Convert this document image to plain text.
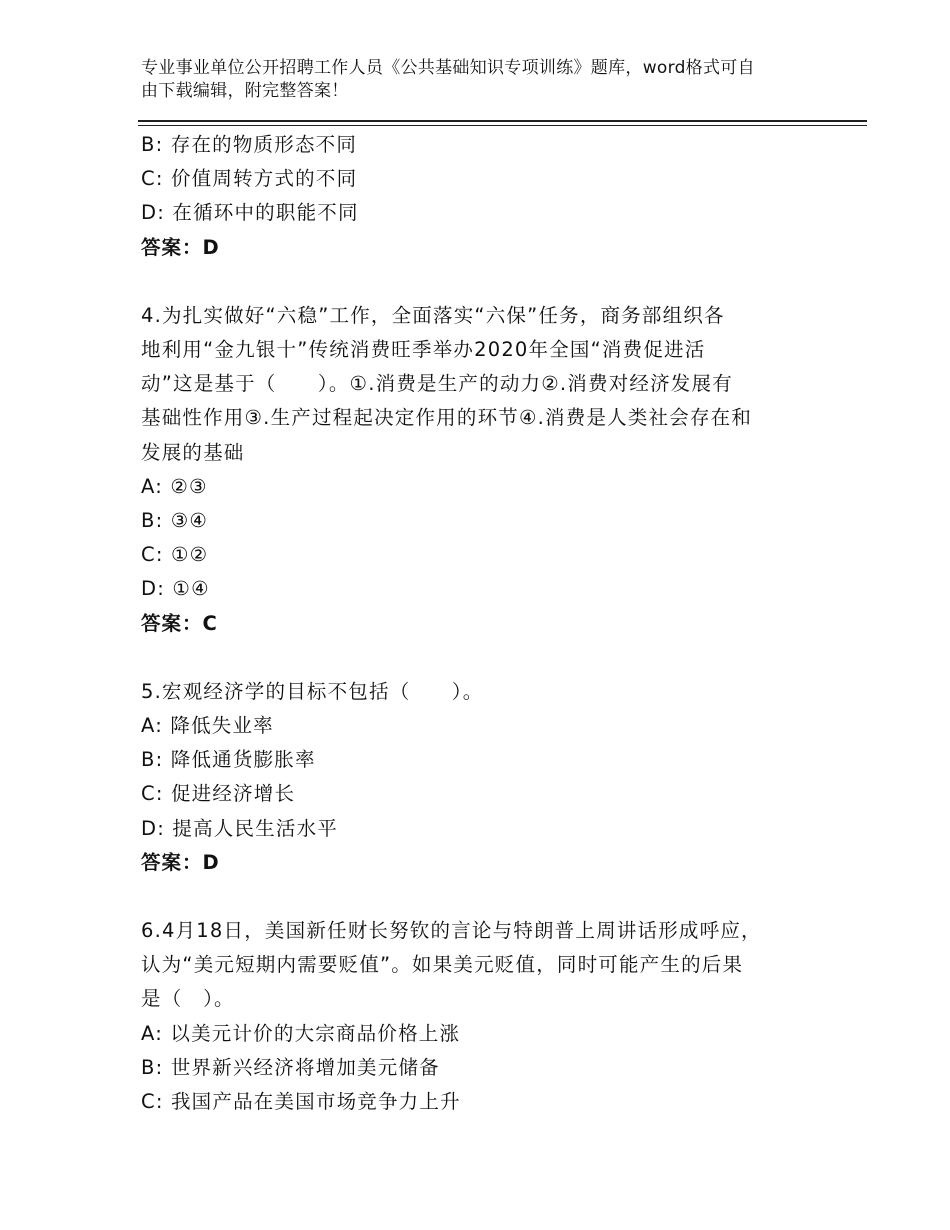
专业事业单位公开招聘工作人员《公共基础知识专项训练》题库，word格式可自
由下载编辑，附完整答案！
B: 存在的物质形态不同
C: 价值周转方式的不同
D: 在循环中的职能不同
答案：D
4.为扎实做好“六稳”工作，全面落实“六保”任务，商务部组织各
地利用“金九银十”传统消费旺季举办2020年全国“消费促进活
动”这是基于（　　）。①.消费是生产的动力②.消费对经济发展有
基础性作用③.生产过程起决定作用的环节④.消费是人类社会存在和
发展的基础
A: ②③
B: ③④
C: ①②
D: ①④
答案：C
5.宏观经济学的目标不包括（　　）。
A: 降低失业率
B: 降低通货膨胀率
C: 促进经济增长
D: 提高人民生活水平
答案：D
6.4月18日，美国新任财长努钦的言论与特朗普上周讲话形成呼应，
认为“美元短期内需要贬值”。如果美元贬值，同时可能产生的后果
是（　）。
A: 以美元计价的大宗商品价格上涨
B: 世界新兴经济将增加美元储备
C: 我国产品在美国市场竞争力上升
